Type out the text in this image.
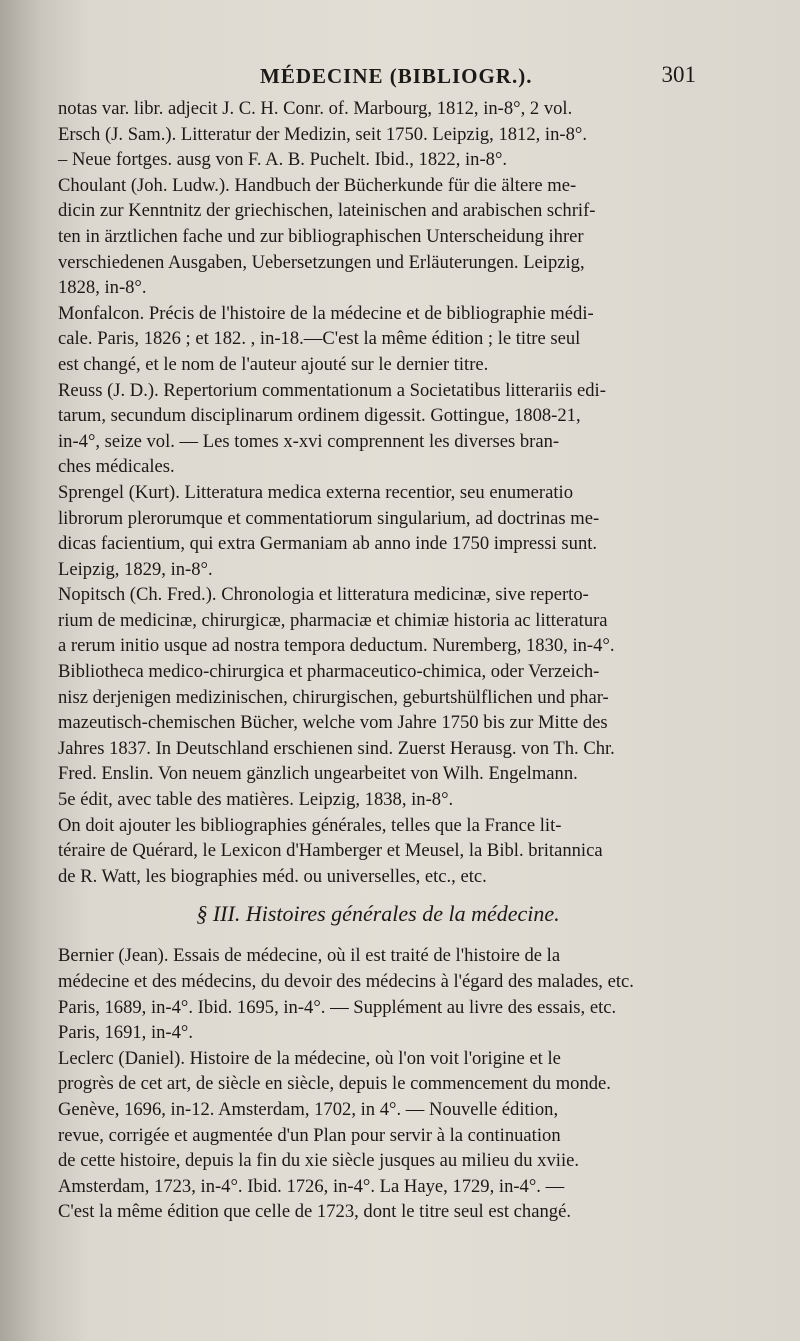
MÉDECINE (BIBLIOGR.).	301
notas var. libr. adjecit J. C. H. Conr. of. Marbourg, 1812, in-8°, 2 vol.
Ersch (J. Sam.). Litteratur der Medizin, seit 1750. Leipzig, 1812, in-8°.
– Neue fortges. ausg von F. A. B. Puchelt. Ibid., 1822, in-8°.
Choulant (Joh. Ludw.). Handbuch der Bücherkunde für die ältere me-
dicin zur Kenntnitz der griechischen, lateinischen and arabischen schrif-
ten in ärztlichen fache und zur bibliographischen Unterscheidung ihrer
verschiedenen Ausgaben, Uebersetzungen und Erläuterungen. Leipzig,
1828, in-8°.
Monfalcon. Précis de l'histoire de la médecine et de bibliographie médi-
cale. Paris, 1826 ; et 182. , in-18.—C'est la même édition ; le titre seul
est changé, et le nom de l'auteur ajouté sur le dernier titre.
Reuss (J. D.). Repertorium commentationum a Societatibus litterariis edi-
tarum, secundum disciplinarum ordinem digessit. Gottingue, 1808-21,
in-4°, seize vol. — Les tomes x-xvi comprennent les diverses bran-
ches médicales.
Sprengel (Kurt). Litteratura medica externa recentior, seu enumeratio
librorum plerorumque et commentatiorum singularium, ad doctrinas me-
dicas facientium, qui extra Germaniam ab anno inde 1750 impressi sunt.
Leipzig, 1829, in-8°.
Nopitsch (Ch. Fred.). Chronologia et litteratura medicinæ, sive reperto-
rium de medicinæ, chirurgicæ, pharmaciæ et chimiæ historia ac litteratura
a rerum initio usque ad nostra tempora deductum. Nuremberg, 1830, in-4°.
Bibliotheca medico-chirurgica et pharmaceutico-chimica, oder Verzeich-
nisz derjenigen medizinischen, chirurgischen, geburtshülflichen und phar-
mazeutisch-chemischen Bücher, welche vom Jahre 1750 bis zur Mitte des
Jahres 1837. In Deutschland erschienen sind. Zuerst Herausg. von Th. Chr.
Fred. Enslin. Von neuem gänzlich ungearbeitet von Wilh. Engelmann.
5e édit, avec table des matières. Leipzig, 1838, in-8°.
On doit ajouter les bibliographies générales, telles que la France lit-
téraire de Quérard, le Lexicon d'Hamberger et Meusel, la Bibl. britannica
de R. Watt, les biographies méd. ou universelles, etc., etc.
§ III. Histoires générales de la médecine.
Bernier (Jean). Essais de médecine, où il est traité de l'histoire de la
médecine et des médecins, du devoir des médecins à l'égard des malades, etc.
Paris, 1689, in-4°. Ibid. 1695, in-4°. — Supplément au livre des essais, etc.
Paris, 1691, in-4°.
Leclerc (Daniel). Histoire de la médecine, où l'on voit l'origine et le
progrès de cet art, de siècle en siècle, depuis le commencement du monde.
Genève, 1696, in-12. Amsterdam, 1702, in 4°. — Nouvelle édition,
revue, corrigée et augmentée d'un Plan pour servir à la continuation
de cette histoire, depuis la fin du xie siècle jusques au milieu du xviie.
Amsterdam, 1723, in-4°. Ibid. 1726, in-4°. La Haye, 1729, in-4°. —
C'est la même édition que celle de 1723, dont le titre seul est changé.
